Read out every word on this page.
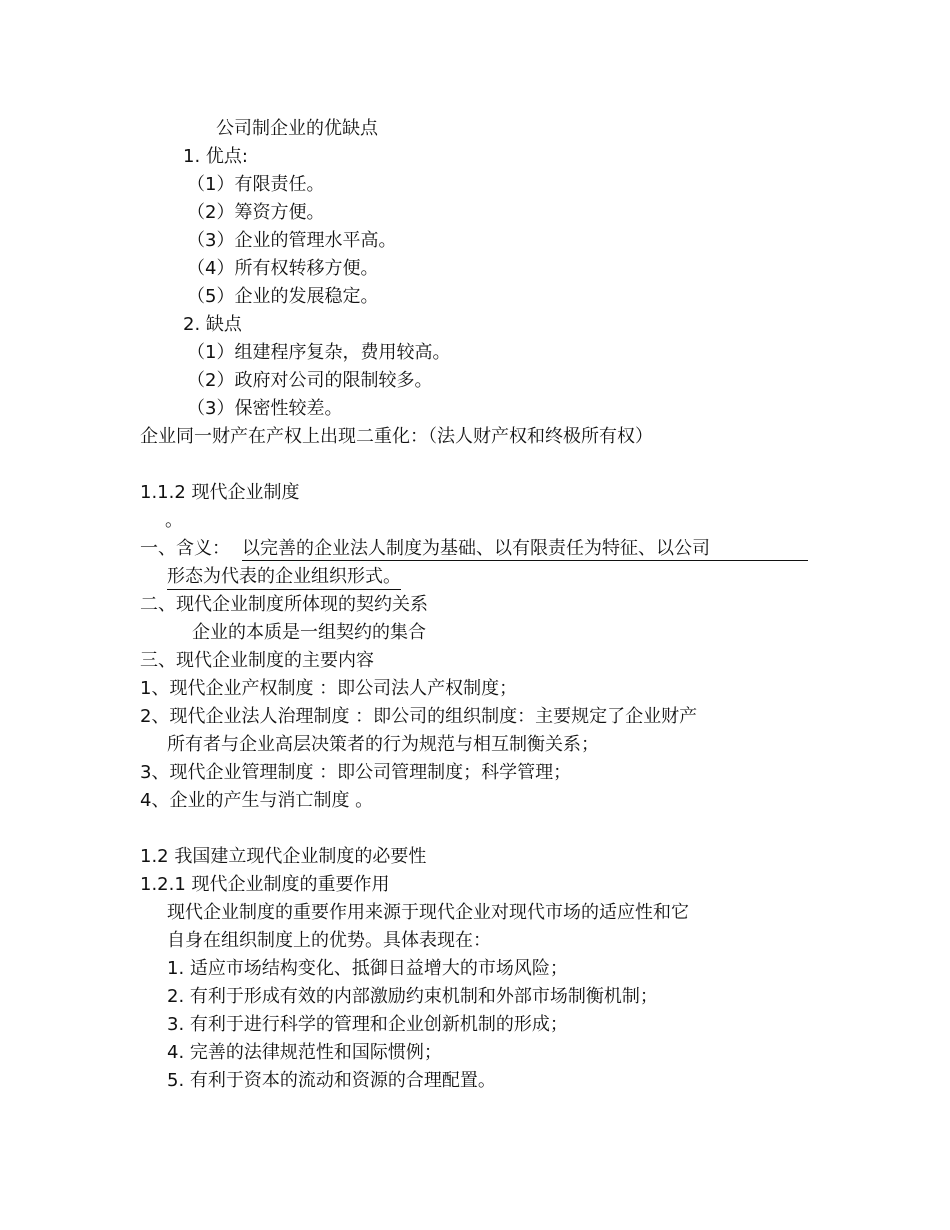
公司制企业的优缺点
1. 优点:
（1）有限责任。
（2）筹资方便。
（3）企业的管理水平高。
（4）所有权转移方便。
（5）企业的发展稳定。
2. 缺点
（1）组建程序复杂，费用较高。
（2）政府对公司的限制较多。
（3）保密性较差。
企业同一财产在产权上出现二重化：（法人财产权和终极所有权）
1.1.2 现代企业制度
。
一、含义： 以完善的企业法人制度为基础、以有限责任为特征、以公司
形态为代表的企业组织形式。
二、现代企业制度所体现的契约关系
企业的本质是一组契约的集合
三、现代企业制度的主要内容
1、现代企业产权制度 ：即公司法人产权制度；
2、现代企业法人治理制度 ：即公司的组织制度：主要规定了企业财产
所有者与企业高层决策者的行为规范与相互制衡关系；
3、现代企业管理制度 ：即公司管理制度；科学管理；
4、企业的产生与消亡制度 。
1.2 我国建立现代企业制度的必要性
1.2.1 现代企业制度的重要作用
现代企业制度的重要作用来源于现代企业对现代市场的适应性和它
自身在组织制度上的优势。具体表现在：
1. 适应市场结构变化、抵御日益增大的市场风险；
2. 有利于形成有效的内部激励约束机制和外部市场制衡机制；
3. 有利于进行科学的管理和企业创新机制的形成；
4. 完善的法律规范性和国际惯例；
5. 有利于资本的流动和资源的合理配置。
